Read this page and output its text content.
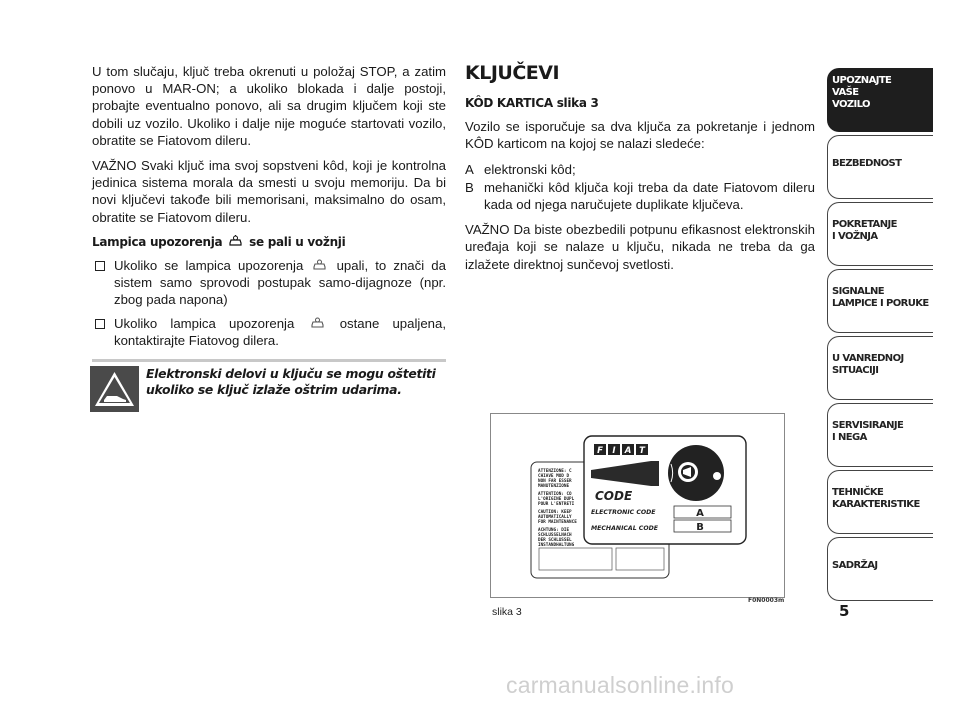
U tom slučaju, ključ treba okrenuti u položaj STOP, a zatim ponovo u MAR-ON; a ukoliko blokada i dalje postoji, probajte eventualno ponovo, ali sa drugim ključem koji ste dobili uz vozilo. Ukoliko i dalje nije moguće startovati vozilo, obratite se Fiatovom dileru.

VAŽNO Svaki ključ ima svoj sopstveni kôd, koji je kontrolna jedinica sistema morala da smesti u svoju memoriju. Da bi novi ključevi takođe bili memorisani, maksimalno do osam, obratite se Fiatovom dileru.

Lampica upozorenja se pali u vožnji
Ukoliko se lampica upozorenja	upali, to znači da sistem samo sprovodi postupak samo-dijagnoze (npr. zbog pada napona)
Ukoliko lampica upozorenja	ostane upaljena, kontaktirajte Fiatovog dilera.
Elektronski delovi u ključu se mogu oštetiti ukoliko se ključ izlaže oštrim udarima.
KLJUČEVI
KÔD KARTICA slika 3

Vozilo se isporučuje sa dva ključa za pokretanje i jednom KÔD karticom na kojoj se nalazi sledeće:

A elektronski kôd;
B mehanički kôd ključa koji treba da date Fiatovom dileru kada od njega naručujete duplikate ključeva.

VAŽNO Da biste obezbedili potpunu efikasnost elektronskih uređaja koji se nalaze u ključu, nikada ne treba da ga izlažete direktnoj sunčevoj svetlosti.

ATTENZIONE: C
CHIAVE MOD D
NON FAR ESSER
MANUTENZIONE
ATTENTION: CO
L'ORIGINE DUPL
POUR L'ENTRETI
CAUTION: KEEP
AUTOMATICALLY
FOR MAINTENANCE
ACHTUNG: DIE
SCHLUSSELNACH
DER SCHLUSSEL
INSTANDHALTUNG
F I A T
CODE
ELECTRONIC CODE	A
MECHANICAL CODE	B
slika 3
F0N0003m
UPOZNAJTE
VAŠE
VOZILO
BEZBEDNOST
POKRETANJE
I VOŽNJA
SIGNALNE
LAMPICE I PORUKE
U VANREDNOJ
SITUACIJI
SERVISIRANJE
I NEGA
TEHNIČKE
KARAKTERISTIKE
SADRŽAJ
5
carmanualsonline.info
